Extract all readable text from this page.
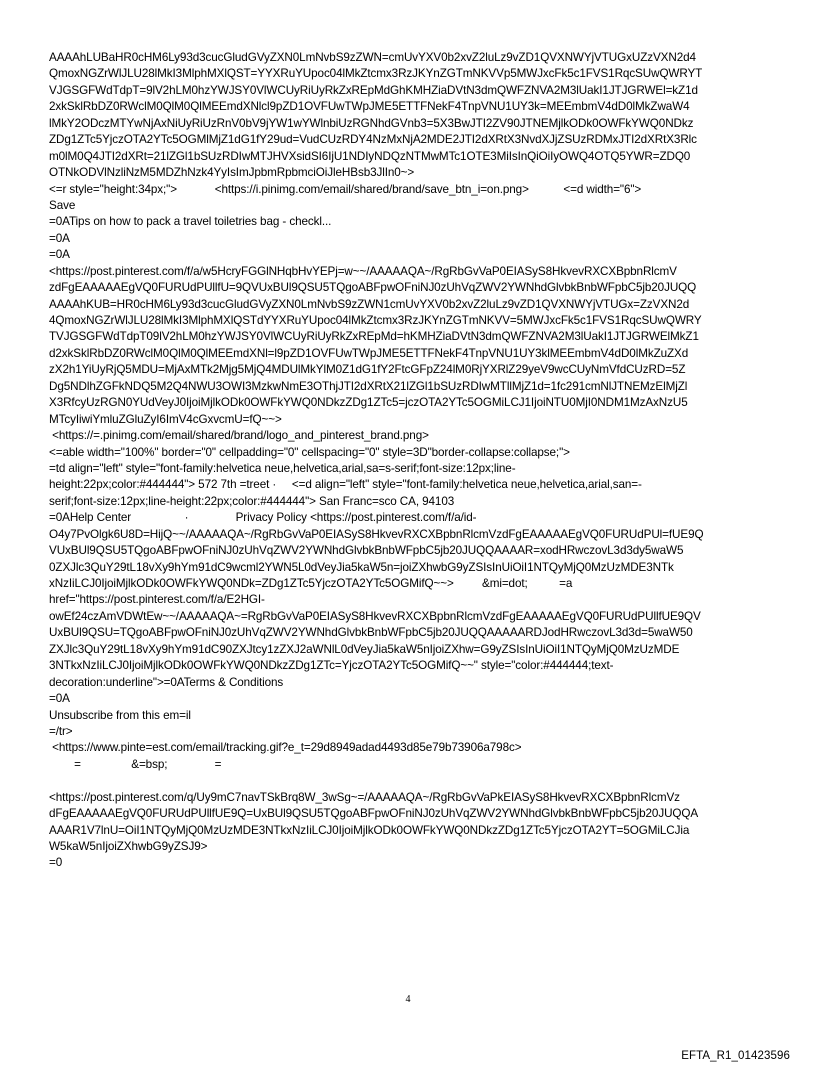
AAAAhLUBaHR0cHM6Ly93d3cucGludGVyZXN0LmNvbS9zZWN=cmUvYXV0b2xvZ2luLz9vZD1QVXNWYjVTUGxUZzVXN2d4
QmoxNGZrWlJLU28lMkI3MlphMXlQST=YYXRuYUpoc04lMkZtcmx3RzJKYnZGTmNKVVp5MWJxcFk5c1FVS1RqcSUwQWRYT
VJGSGFWdTdpT=9lV2hLM0hzYWJSY0VlWCUyRiUyRkZxREpMdGhKMHZiaDVtN3dmQWFZNVA2M3lUakI1JTJGRWEl=kZ1d
2xkSklRbDZ0RWclM0QlM0QlMEEmdXNlcl9pZD1OVFUwTWpJME5ETTFNekF4TnpVNU1UY3k=MEEmbmV4dD0lMkZwaW4
lMkY2ODczMTYwNjAxNiUyRiUzRnV0bV9jYW1wYWlnbiUzRGNhdGVnb3=5X3BwJTI2ZV90JTNEMjlkODk0OWFkYWQ0NDkz
ZDg1ZTc5YjczOTA2YTc5OGMlMjZ1dG1fY29ud=VudCUzRDY4NzMxNjA2MDE2JTI2dXRtX3NvdXJjZSUzRDMxJTI2dXRtX3Rlc
m0lM0Q4JTI2dXRt=21lZGl1bSUzRDIwMTJHVXsidSI6IjU1NDIyNDQzNTMwMTc1OTE3MiIsInQiOiIyOWQ4OTQ5YWR=ZDQ0
OTNkODVlNzliNzM5MDZhNzk4YyIsImJpbmRpbmciOiJleHBsb3JlIn0~>
<=r style="height:34px;">            <https://i.pinimg.com/email/shared/brand/save_btn_i=on.png>           <=d width="6">
Save
=0ATips on how to pack a travel toiletries bag - checkl...
=0A
=0A
<https://post.pinterest.com/f/a/w5HcryFGGlNHqbHvYEPj=w~~/AAAAAQA~/RgRbGvVaP0EIASyS8HkvevRXCXBpbnRlcmV
zdFgEAAAAAEgVQ0FURUdPUllfU=9QVUxBUl9QSU5TQgoABFpwOFniNJ0zUhVqZWV2YWNhdGlvbkBnbWFpbC5jb20JUQQ
AAAAhKUB=HR0cHM6Ly93d3cucGludGVyZXN0LmNvbS9zZWN1cmUvYXV0b2xvZ2luLz9vZD1QVXNWYjVTUGx=ZzVXN2d
4QmoxNGZrWlJLU28lMkI3MlphMXlQSTdYYXRuYUpoc04lMkZtcmx3RzJKYnZGTmNKVV=5MWJxcFk5c1FVS1RqcSUwQWRY
TVJGSGFWdTdpT09lV2hLM0hzYWJSY0VlWCUyRiUyRkZxREpMd=hKMHZiaDVtN3dmQWFZNVA2M3lUakI1JTJGRWElMkZ1
d2xkSklRbDZ0RWclM0QlM0QlMEEmdXNl=l9pZD1OVFUwTWpJME5ETTFNekF4TnpVNU1UY3klMEEmbmV4dD0lMkZuZXd
zX2h1YiUyRjQ5MDU=MjAxMTk2Mjg5MjQ4MDUlMkYlM0Z1dG1fY2FtcGFpZ24lM0RjYXRlZ29yeV9wcCUyNmVfdCUzRD=5Z
Dg5NDlhZGFkNDQ5M2Q4NWU3OWI3MzkwNmE3OThjJTI2dXRtX21lZGl1bSUzRDIwMTllMjZ1d=1fc291cmNlJTNEMzElMjZl
X3RfcyUzRGN0YUdVeyJ0IjoiMjlkODk0OWFkYWQ0NDkzZDg1ZTc5=jczOTA2YTc5OGMiLCJ1IjoiNTU0MjI0NDM1MzAxNzU5
MTcyIiwiYmluZGluZyI6ImV4cGxvcmU=fQ~~>
<https://=.pinimg.com/email/shared/brand/logo_and_pinterest_brand.png>
<=able width="100%" border="0" cellpadding="0" cellspacing="0" style=3D"border-collapse:collapse;">
=td align="left" style="font-family:helvetica neue,helvetica,arial,sa=s-serif;font-size:12px;line-
height:22px;color:#444444"> 572 7th =treet ·     <=d align="left" style="font-family:helvetica neue,helvetica,arial,san=-
serif;font-size:12px;line-height:22px;color:#444444"> San Franc=sco CA, 94103
=0AHelp Center                 ·               Privacy Policy <https://post.pinterest.com/f/a/id-
O4y7PvOlgk6U8D=HijQ~~/AAAAAQA~/RgRbGvVaP0EIASyS8HkvevRXCXBpbnRlcmVzdFgEAAAAAEgVQ0FURUdPUl=fUE9Q
VUxBUl9QSU5TQgoABFpwOFniNJ0zUhVqZWV2YWNhdGlvbkBnbWFpbC5jb20JUQQAAAAR=xodHRwczovL3d3dy5waW5
0ZXJlc3QuY29tL18vXy9hYm91dC9wcml2YWN5L0dVeyJia5kaW5n=joiZXhwbG9yZSIsInUiOiI1NTQyMjQ0MzUzMDE3NTk
xNzIiLCJ0IjoiMjlkODk0OWFkYWQ0NDk=ZDg1ZTc5YjczOTA2YTc5OGMifQ~~>         &mi=dot;          =a
href="https://post.pinterest.com/f/a/E2HGI-
owEf24czAmVDWtEw~~/AAAAAQA~=RgRbGvVaP0EIASyS8HkvevRXCXBpbnRlcmVzdFgEAAAAAEgVQ0FURUdPUllfUE9QV
UxBUl9QSU=TQgoABFpwOFniNJ0zUhVqZWV2YWNhdGlvbkBnbWFpbC5jb20JUQQAAAAARDJodHRwczovL3d3d=5waW50
ZXJlc3QuY29tL18vXy9hYm91dC90ZXJtcy1zZXJ2aWNlL0dVeyJia5kaW5nIjoiZXhw=G9yZSIsInUiOiI1NTQyMjQ0MzUzMDE
3NTkxNzIiLCJ0IjoiMjlkODk0OWFkYWQ0NDkzZDg1ZTc=YjczOTA2YTc5OGMifQ~~" style="color:#444444;text-
decoration:underline">=0ATerms & Conditions
=0A
Unsubscribe from this em=il
=/tr>
<https://www.pinte=est.com/email/tracking.gif?e_t=29d8949adad4493d85e79b73906a798c>
=                &=bsp;               =
<https://post.pinterest.com/q/Uy9mC7navTSkBrq8W_3wSg~=/AAAAAQA~/RgRbGvVaPkEIASyS8HkvevRXCXBpbnRlcmVz
dFgEAAAAAEgVQ0FURUdPUllfUE9Q=UxBUl9QSU5TQgoABFpwOFniNJ0zUhVqZWV2YWNhdGlvbkBnbWFpbC5jb20JUQQA
AAAR1V7lnU=OiI1NTQyMjQ0MzUzMDE3NTkxNzIiLCJ0IjoiMjlkODk0OWFkYWQ0NDkzZDg1ZTc5YjczOTA2YT=5OGMiLCJia
W5kaW5nIjoiZXhwbG9yZSJ9>
=0
4
EFTA_R1_01423596
